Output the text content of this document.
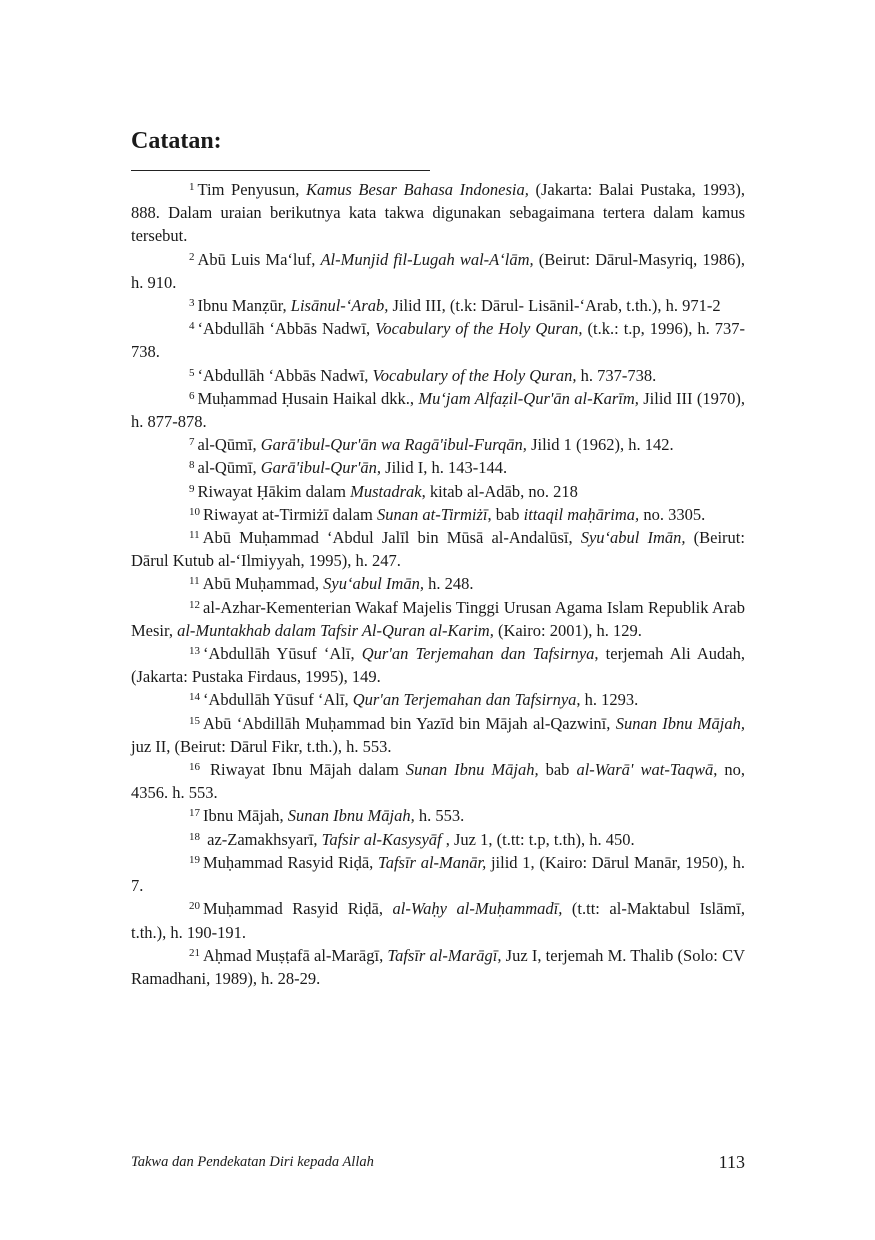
Catatan:

$^1$ Tim Penyusun, Kamus Besar Bahasa Indonesia, (Jakarta: Balai Pustaka, 1993), 888. Dalam uraian berikutnya kata takwa digunakan sebagaimana tertera dalam kamus tersebut.

$^2$ Abū Luis Ma‘luf, Al-Munjid fil-Lugah wal-A‘lām, (Beirut: Dārul-Masyriq, 1986), h. 910.

$^3$ Ibnu Manẓūr, Lisānul-‘Arab, Jilid III, (t.k: Dārul- Lisānil-‘Arab, t.th.), h. 971-2

$^4$ ‘Abdullāh ‘Abbās Nadwī, Vocabulary of the Holy Quran, (t.k.: t.p, 1996), h. 737-738.

$^5$ ‘Abdullāh ‘Abbās Nadwī, Vocabulary of the Holy Quran, h. 737-738.

$^6$ Muḥammad Ḥusain Haikal dkk., Mu‘jam Alfaẓil-Qur'ān al-Karīm, Jilid III (1970), h. 877-878.

$^7$ al-Qūmī, Garā'ibul-Qur'ān wa Ragā'ibul-Furqān, Jilid 1 (1962), h. 142.

$^8$ al-Qūmī, Garā'ibul-Qur'ān, Jilid I, h. 143-144.

$^9$ Riwayat Ḥākim dalam Mustadrak, kitab al-Adāb, no. 218

$^{10}$ Riwayat at-Tirmiżī dalam Sunan at-Tirmiżī, bab ittaqil maḥārima, no. 3305.

$^{11}$ Abū Muḥammad ‘Abdul Jalīl bin Mūsā al-Andalūsī, Syu‘abul Imān, (Beirut: Dārul Kutub al-‘Ilmiyyah, 1995), h. 247.

$^{11}$ Abū Muḥammad, Syu‘abul Imān, h. 248.

$^{12}$ al-Azhar-Kementerian Wakaf Majelis Tinggi Urusan Agama Islam Republik Arab Mesir, al-Muntakhab dalam Tafsir Al-Quran al-Karim, (Kairo: 2001), h. 129.

$^{13}$ ‘Abdullāh Yūsuf ‘Alī, Qur'an Terjemahan dan Tafsirnya, terjemah Ali Audah, (Jakarta: Pustaka Firdaus, 1995), 149.

$^{14}$ ‘Abdullāh Yūsuf ‘Alī, Qur'an Terjemahan dan Tafsirnya, h. 1293.

$^{15}$ Abū ‘Abdillāh Muḥammad bin Yazīd bin Mājah al-Qazwinī, Sunan Ibnu Mājah, juz II, (Beirut: Dārul Fikr, t.th.), h. 553.

$^{16}$ Riwayat Ibnu Mājah dalam Sunan Ibnu Mājah, bab al-Warā' wat-Taqwā, no, 4356. h. 553.

$^{17}$ Ibnu Mājah, Sunan Ibnu Mājah, h. 553.

$^{18}$ az-Zamakhsyarī, Tafsir al-Kasysyāf , Juz 1, (t.tt: t.p, t.th), h. 450.

$^{19}$ Muḥammad Rasyid Riḍā, Tafsīr al-Manār, jilid 1, (Kairo: Dārul Manār, 1950), h. 7.

$^{20}$ Muḥammad Rasyid Riḍā, al-Waḥy al-Muḥammadī, (t.tt: al-Maktabul Islāmī, t.th.), h. 190-191.

$^{21}$ Aḥmad Muṣṭafā al-Marāgī, Tafsīr al-Marāgī, Juz I, terjemah M. Thalib (Solo: CV Ramadhani, 1989), h. 28-29.

Takwa dan Pendekatan Diri kepada Allah	113
